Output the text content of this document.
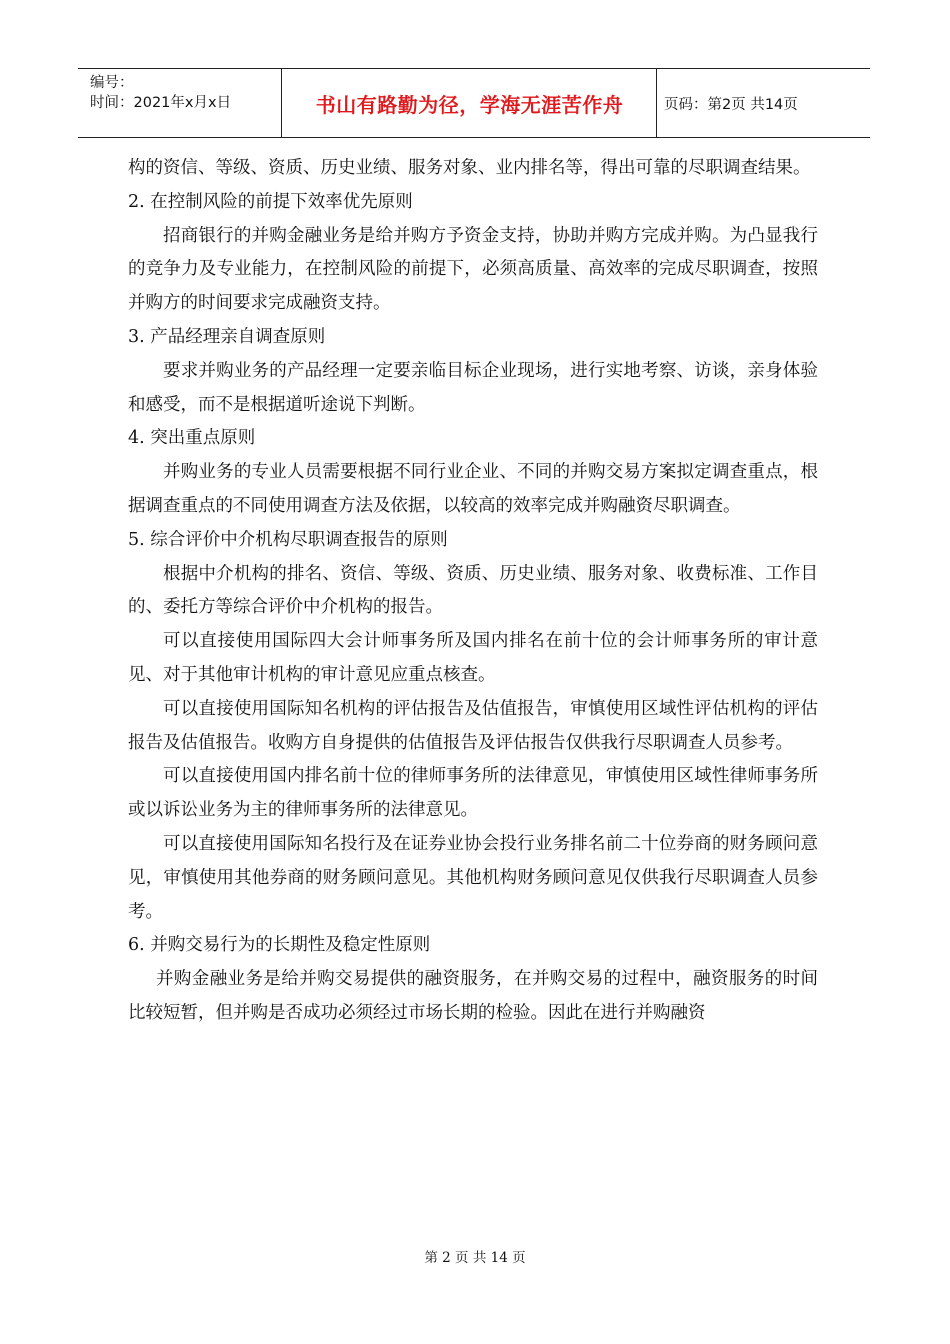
编号：
时间：2021年x月x日	书山有路勤为径，学海无涯苦作舟	页码：第2页 共14页

构的资信、等级、资质、历史业绩、服务对象、业内排名等，得出可靠的尽职调查结果。

2. 在控制风险的前提下效率优先原则

招商银行的并购金融业务是给并购方予资金支持，协助并购方完成并购。为凸显我行的竞争力及专业能力，在控制风险的前提下，必须高质量、高效率的完成尽职调查，按照并购方的时间要求完成融资支持。

3. 产品经理亲自调查原则

要求并购业务的产品经理一定要亲临目标企业现场，进行实地考察、访谈，亲身体验和感受，而不是根据道听途说下判断。

4. 突出重点原则

并购业务的专业人员需要根据不同行业企业、不同的并购交易方案拟定调查重点，根据调查重点的不同使用调查方法及依据，以较高的效率完成并购融资尽职调查。

5. 综合评价中介机构尽职调查报告的原则

根据中介机构的排名、资信、等级、资质、历史业绩、服务对象、收费标准、工作目的、委托方等综合评价中介机构的报告。

可以直接使用国际四大会计师事务所及国内排名在前十位的会计师事务所的审计意见、对于其他审计机构的审计意见应重点核查。

可以直接使用国际知名机构的评估报告及估值报告，审慎使用区域性评估机构的评估报告及估值报告。收购方自身提供的估值报告及评估报告仅供我行尽职调查人员参考。

可以直接使用国内排名前十位的律师事务所的法律意见，审慎使用区域性律师事务所或以诉讼业务为主的律师事务所的法律意见。

可以直接使用国际知名投行及在证券业协会投行业务排名前二十位券商的财务顾问意见，审慎使用其他券商的财务顾问意见。其他机构财务顾问意见仅供我行尽职调查人员参考。

6. 并购交易行为的长期性及稳定性原则

并购金融业务是给并购交易提供的融资服务，在并购交易的过程中，融资服务的时间比较短暂，但并购是否成功必须经过市场长期的检验。因此在进行并购融资

第 2 页 共 14 页
